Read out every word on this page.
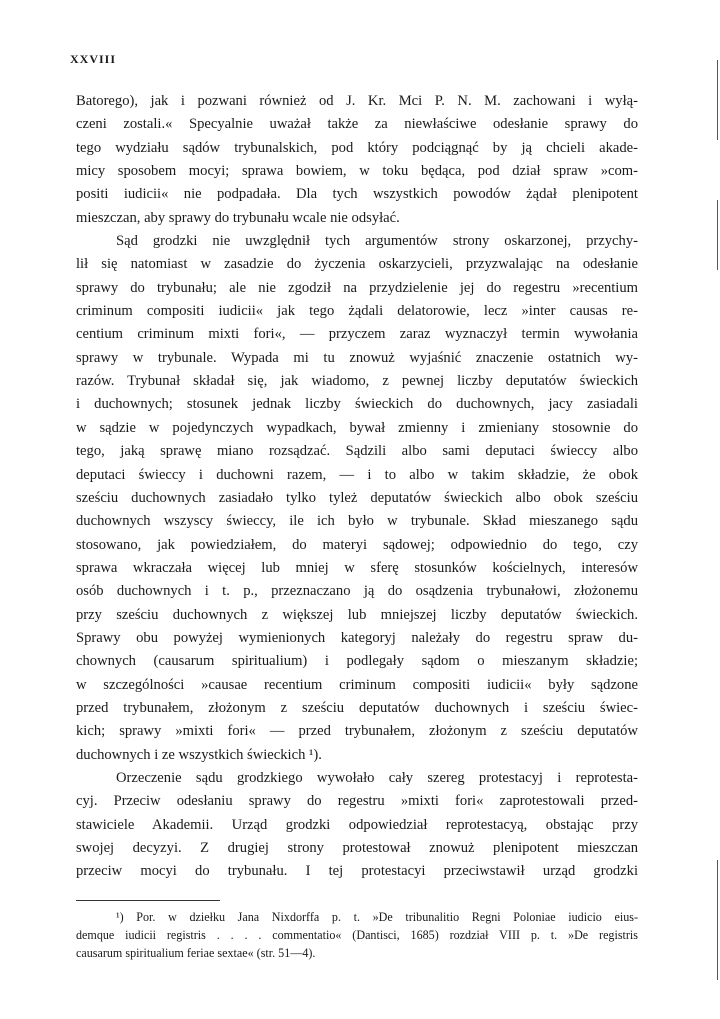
XXVIII
Batorego), jak i pozwani również od J. Kr. Mci P. N. M. zachowani i wyłą-
czeni zostali.« Specyalnie uważał także za niewłaściwe odesłanie sprawy do
tego wydziału sądów trybunalskich, pod który podciągnąć by ją chcieli akade-
micy sposobem mocyi; sprawa bowiem, w toku będąca, pod dział spraw »com-
positi iudicii« nie podpadała. Dla tych wszystkich powodów żądał plenipotent
mieszczan, aby sprawy do trybunału wcale nie odsyłać.
Sąd grodzki nie uwzględnił tych argumentów strony oskarzonej, przychy-
lił się natomiast w zasadzie do życzenia oskarzycieli, przyzwalając na odesłanie
sprawy do trybunału; ale nie zgodził na przydzielenie jej do regestru »recentium
criminum compositi iudicii« jak tego żądali delatorowie, lecz »inter causas re-
centium criminum mixti fori«, — przyczem zaraz wyznaczył termin wywołania
sprawy w trybunale. Wypada mi tu znowuż wyjaśnić znaczenie ostatnich wy-
razów. Trybunał składał się, jak wiadomo, z pewnej liczby deputatów świeckich
i duchownych; stosunek jednak liczby świeckich do duchownych, jacy zasiadali
w sądzie w pojedynczych wypadkach, bywał zmienny i zmieniany stosownie do
tego, jaką sprawę miano rozsądzać. Sądzili albo sami deputaci świeccy albo
deputaci świeccy i duchowni razem, — i to albo w takim składzie, że obok
sześciu duchownych zasiadało tylko tyleż deputatów świeckich albo obok sześciu
duchownych wszyscy świeccy, ile ich było w trybunale. Skład mieszanego sądu
stosowano, jak powiedziałem, do materyi sądowej; odpowiednio do tego, czy
sprawa wkraczała więcej lub mniej w sferę stosunków kościelnych, interesów
osób duchownych i t. p., przeznaczano ją do osądzenia trybunałowi, złożonemu
przy sześciu duchownych z większej lub mniejszej liczby deputatów świeckich.
Sprawy obu powyżej wymienionych kategoryj należały do regestru spraw du-
chownych (causarum spiritualium) i podlegały sądom o mieszanym składzie;
w szczególności »causae recentium criminum compositi iudicii« były sądzone
przed trybunałem, złożonym z sześciu deputatów duchownych i sześciu świec-
kich; sprawy »mixti fori« — przed trybunałem, złożonym z sześciu deputatów
duchownych i ze wszystkich świeckich ¹).
Orzeczenie sądu grodzkiego wywołało cały szereg protestacyj i reprotesta-
cyj. Przeciw odesłaniu sprawy do regestru »mixti fori« zaprotestowali przed-
stawiciele Akademii. Urząd grodzki odpowiedział reprotestacyą, obstając przy
swojej decyzyi. Z drugiej strony protestował znowuż plenipotent mieszczan
przeciw mocyi do trybunału. I tej protestacyi przeciwstawił urząd grodzki
¹) Por. w dziełku Jana Nixdorffa p. t. »De tribunalitio Regni Poloniae iudicio eius-
demque iudicii registris . . . . commentatio« (Dantisci, 1685) rozdział VIII p. t. »De registris
causarum spiritualium feriae sextae« (str. 51—4).
